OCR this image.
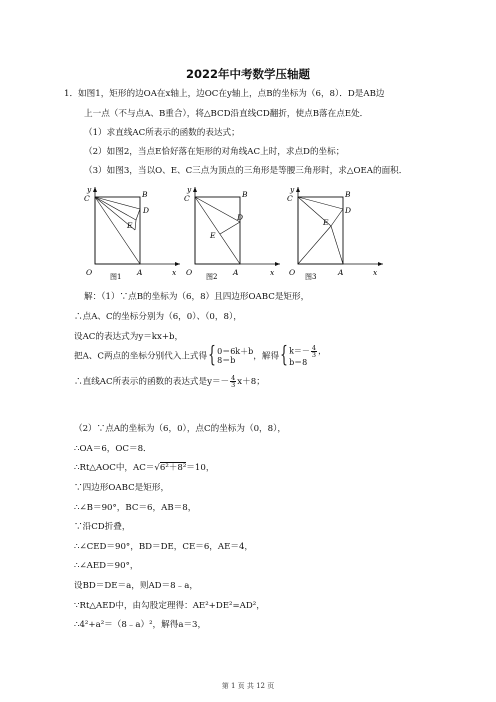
2022年中考数学压轴题
1．如图1，矩形的边OA在x轴上，边OC在y轴上，点B的坐标为（6，8）．D是AB边
上一点（不与点A、B重合），将△BCD沿直线CD翻折，使点B落在点E处．
（1）求直线AC所表示的函数的表达式；
（2）如图2，当点E恰好落在矩形的对角线AC上时，求点D的坐标；
（3）如图3，当以O、E、C三点为顶点的三角形是等腰三角形时，求△OEA的面积．
y
C	B
D
E
O	A	x
图1
y
C	B
D
E
O	A	x
图2
y
C	B
D
E
O	A	x
图3
解：（1）∵点B的坐标为（6，8）且四边形OABC是矩形，
∴点A、C的坐标分别为（6，0）、（0，8），
设AC的表达式为y＝kx+b，
把A、C两点的坐标分别代入上式得{ 0＝6k＋b
8＝b	，解得{ $k=- \frac{4}{3}$ ，
b＝8
∴直线AC所表示的函数的表达式是$y=- \frac{4}{3} x+8$；
（2）∵点A的坐标为（6，0），点C的坐标为（0，8），
∴OA＝6，OC＝8．
∴Rt△AOC中，AC＝√6²＋8²＝10，
∵四边形OABC是矩形，
∴∠B＝90°，BC＝6，AB＝8，
∵沿CD折叠，
∴∠CED＝90°，BD＝DE，CE＝6，AE＝4，
∴∠AED＝90°，
设BD＝DE＝a，则AD＝8﹣a，
∵Rt△AED中，由勾股定理得：AE²+DE²=AD²，
∴4²+a²＝（8﹣a）²，解得a＝3，
第 1 页 共 12 页
